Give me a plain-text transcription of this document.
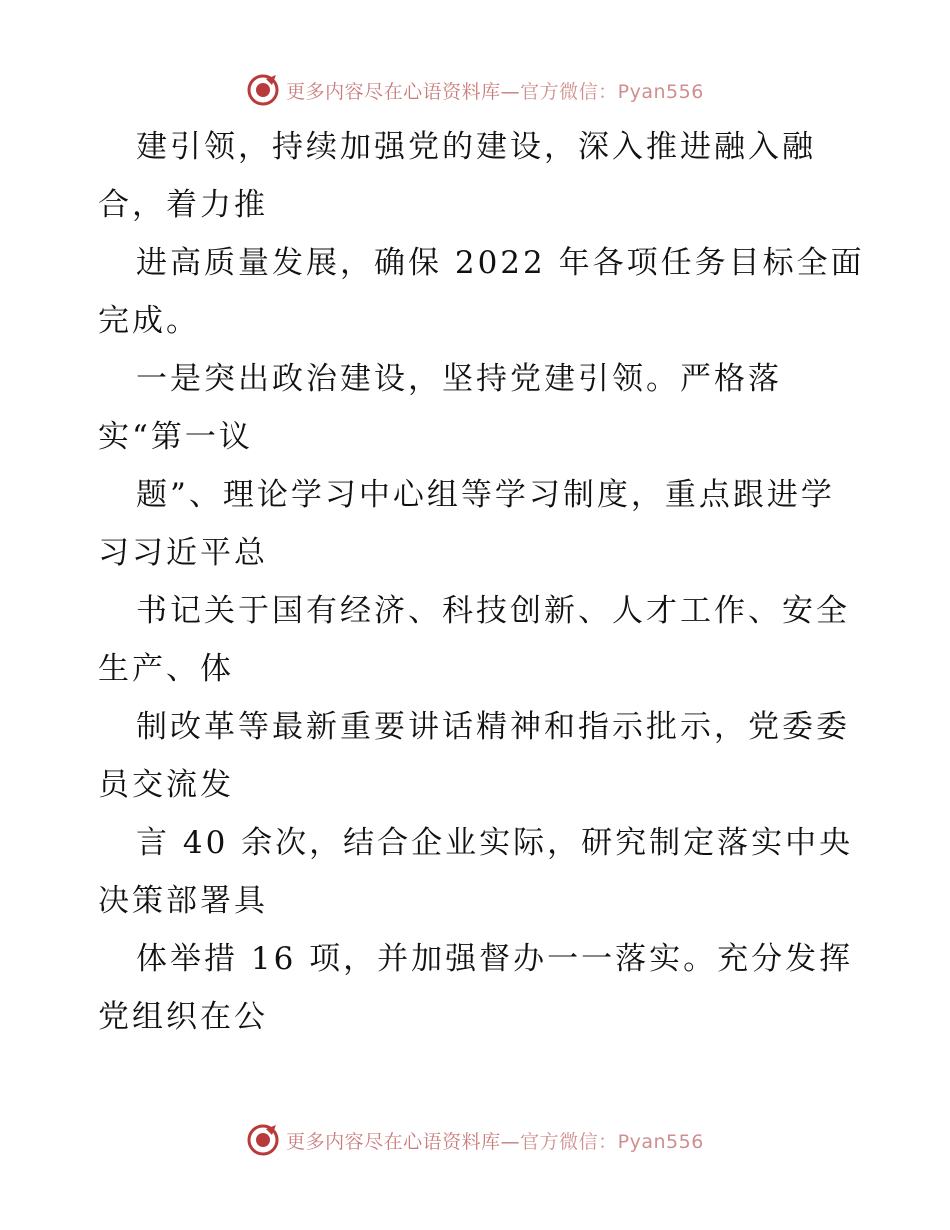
更多内容尽在心语资料库—官方微信：Pyan556
建引领，持续加强党的建设，深入推进融入融
合，着力推
进高质量发展，确保 2022 年各项任务目标全面
完成。
一是突出政治建设，坚持党建引领。严格落
实“第一议
题”、理论学习中心组等学习制度，重点跟进学
习习近平总
书记关于国有经济、科技创新、人才工作、安全
生产、体
制改革等最新重要讲话精神和指示批示，党委委
员交流发
言 40 余次，结合企业实际，研究制定落实中央
决策部署具
体举措 16 项，并加强督办一一落实。充分发挥
党组织在公
更多内容尽在心语资料库—官方微信：Pyan556
